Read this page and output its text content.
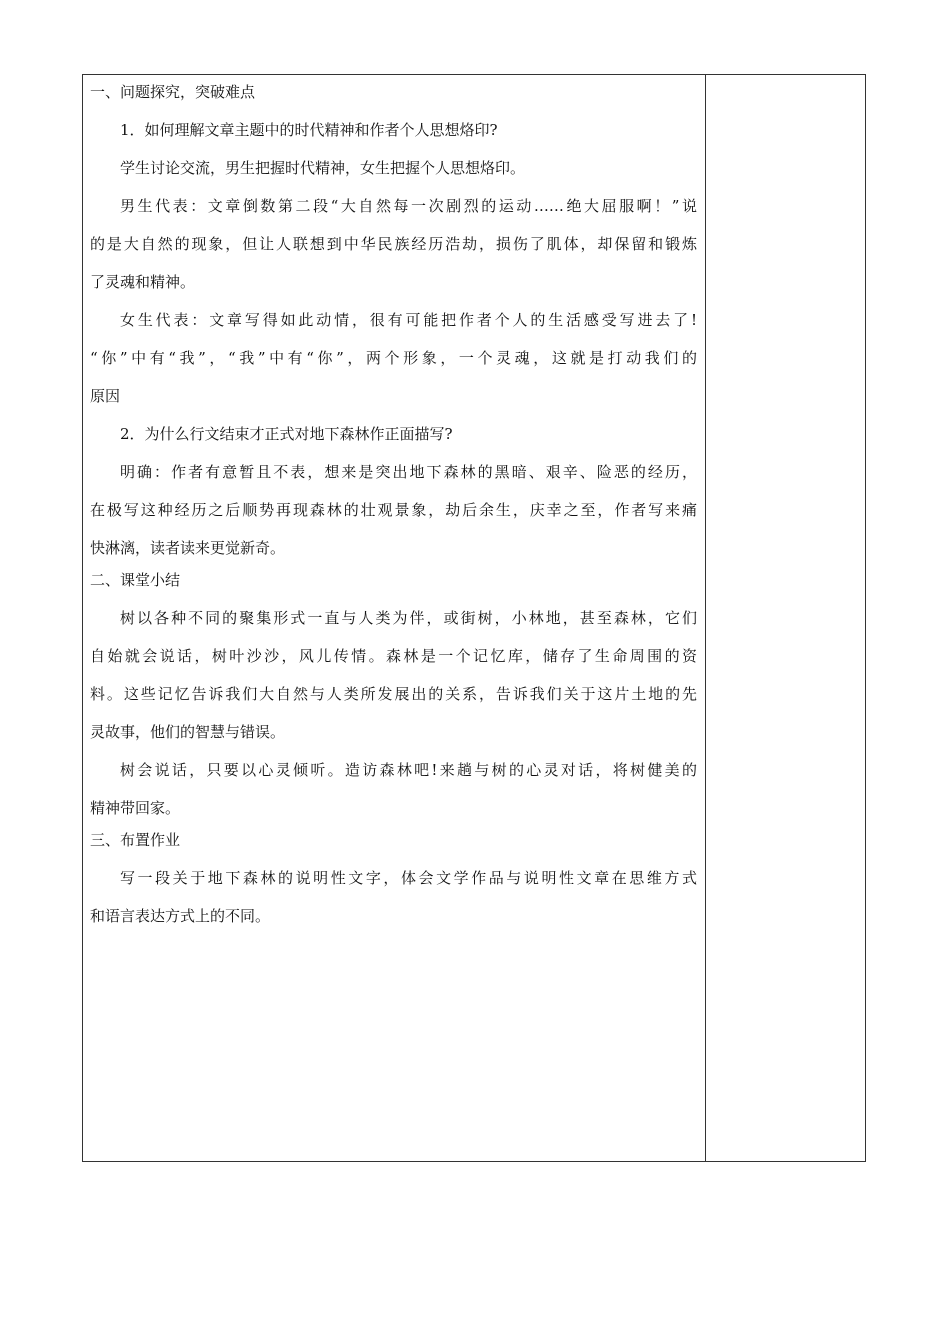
一、问题探究，突破难点

1．如何理解文章主题中的时代精神和作者个人思想烙印?

学生讨论交流，男生把握时代精神，女生把握个人思想烙印。

男生代表：文章倒数第二段“大自然每一次剧烈的运动……绝大屈服啊！”说

的是大自然的现象，但让人联想到中华民族经历浩劫，损伤了肌体，却保留和锻炼

了灵魂和精神。

女生代表：文章写得如此动情，很有可能把作者个人的生活感受写进去了!

“你”中有“我”，“我”中有“你”，两个形象，一个灵魂，这就是打动我们的

原因

2．为什么行文结束才正式对地下森林作正面描写?

明确：作者有意暂且不表，想来是突出地下森林的黑暗、艰辛、险恶的经历，

在极写这种经历之后顺势再现森林的壮观景象，劫后余生，庆幸之至，作者写来痛

快淋漓，读者读来更觉新奇。

二、课堂小结

树以各种不同的聚集形式一直与人类为伴，或街树，小林地，甚至森林，它们

自始就会说话，树叶沙沙，风儿传情。森林是一个记忆库，储存了生命周围的资

料。这些记忆告诉我们大自然与人类所发展出的关系，告诉我们关于这片土地的先

灵故事，他们的智慧与错误。

树会说话，只要以心灵倾听。造访森林吧!来趟与树的心灵对话，将树健美的

精神带回家。

三、布置作业

写一段关于地下森林的说明性文字，体会文学作品与说明性文章在思维方式

和语言表达方式上的不同。
